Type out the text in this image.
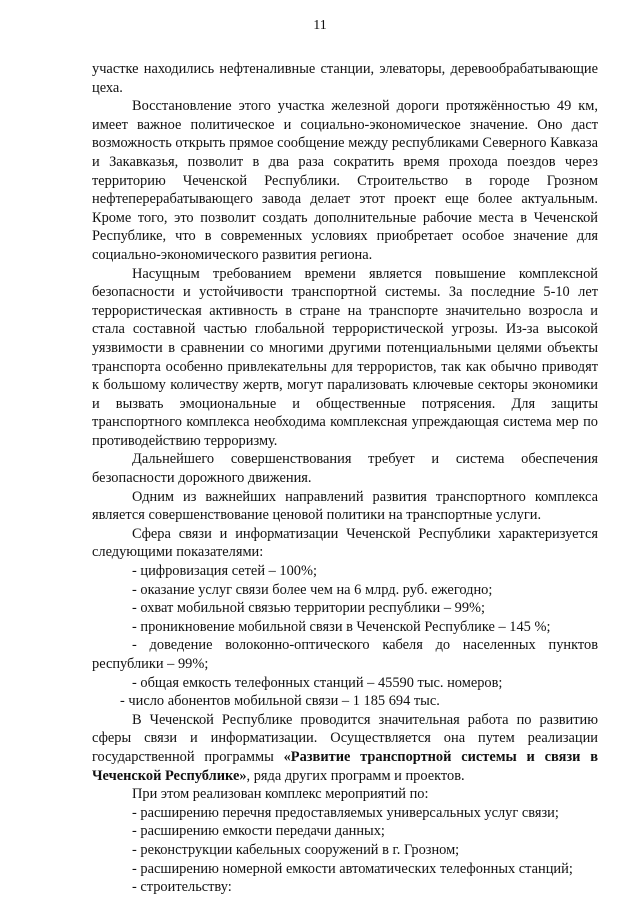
11

участке находились нефтеналивные станции, элеваторы, деревообрабатывающие цеха.

Восстановление этого участка железной дороги протяжённостью 49 км, имеет важное политическое и социально-экономическое значение. Оно даст возможность открыть прямое сообщение между республиками Северного Кавказа и Закавказья, позволит в два раза сократить время прохода поездов через территорию Чеченской Республики. Строительство в городе Грозном нефтеперерабатывающего завода делает этот проект еще более актуальным. Кроме того, это позволит создать дополнительные рабочие места в Чеченской Республике, что в современных условиях приобретает особое значение для социально-экономического развития региона.

Насущным требованием времени является повышение комплексной безопасности и устойчивости транспортной системы. За последние 5-10 лет террористическая активность в стране на транспорте значительно возросла и стала составной частью глобальной террористической угрозы. Из-за высокой уязвимости в сравнении со многими другими потенциальными целями объекты транспорта особенно привлекательны для террористов, так как обычно приводят к большому количеству жертв, могут парализовать ключевые секторы экономики и вызвать эмоциональные и общественные потрясения. Для защиты транспортного комплекса необходима комплексная упреждающая система мер по противодействию терроризму.

Дальнейшего совершенствования требует и система обеспечения безопасности дорожного движения.

Одним из важнейших направлений развития транспортного комплекса является совершенствование ценовой политики на транспортные услуги.

Сфера связи и информатизации Чеченской Республики характеризуется следующими показателями:

- цифровизация сетей – 100%;

- оказание услуг связи более чем на 6 млрд. руб. ежегодно;

- охват мобильной связью территории республики – 99%;

- проникновение мобильной связи в Чеченской Республике – 145 %;

- доведение волоконно-оптического кабеля до населенных пунктов республики – 99%;

- общая емкость телефонных станций – 45590 тыс. номеров;

- число абонентов мобильной связи – 1 185 694 тыс.

В Чеченской Республике проводится значительная работа по развитию сферы связи и информатизации. Осуществляется она путем реализации государственной программы «Развитие транспортной системы и связи в Чеченской Республике», ряда других программ и проектов.

При этом реализован комплекс мероприятий по:

- расширению перечня предоставляемых универсальных услуг связи;

- расширению емкости передачи данных;

- реконструкции кабельных сооружений в г. Грозном;

- расширению номерной емкости автоматических телефонных станций;

- строительству:
